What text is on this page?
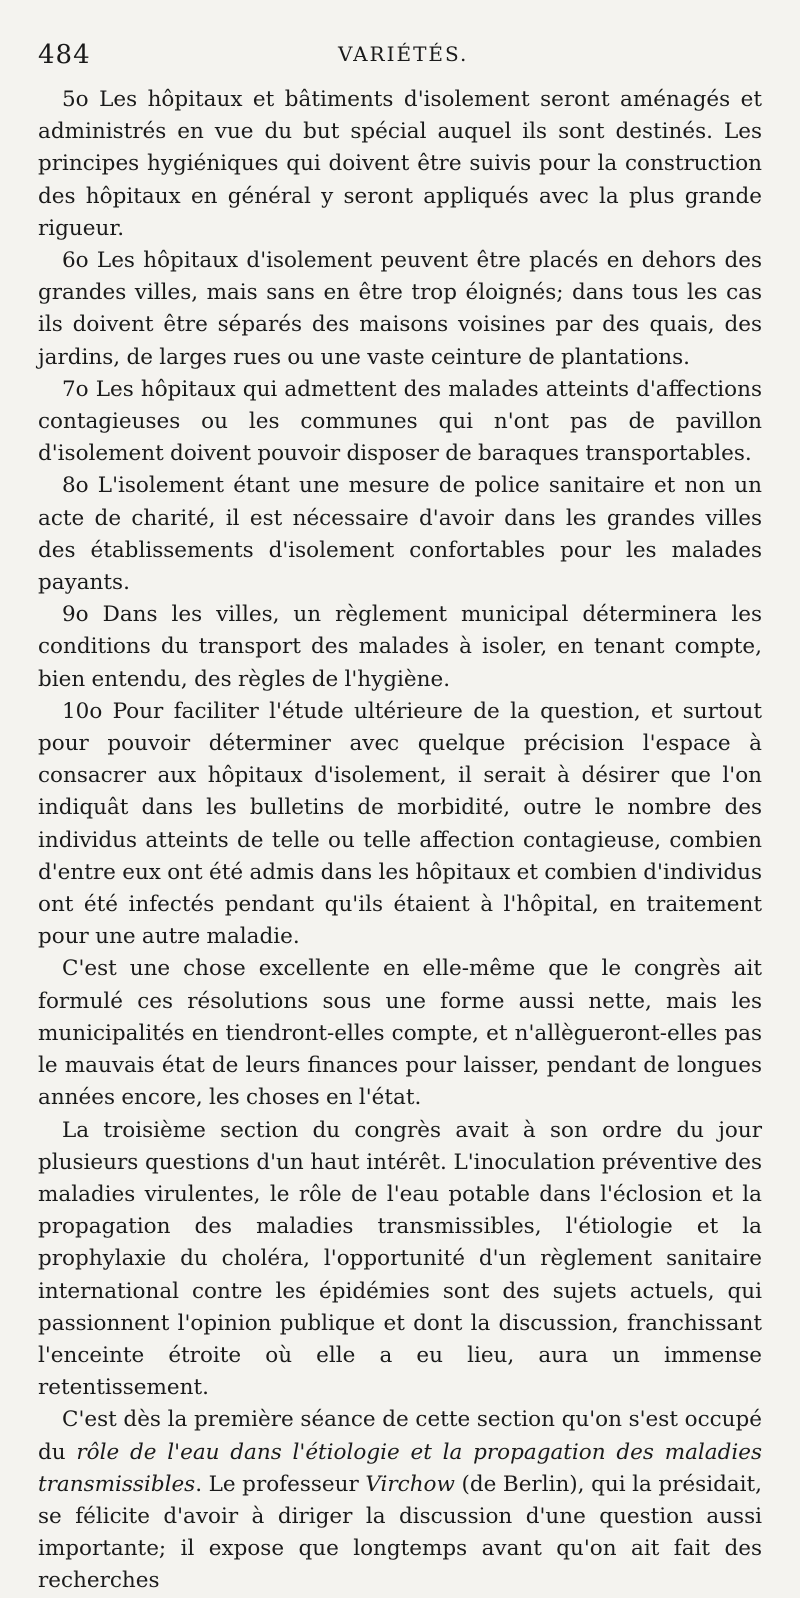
484	VARIÉTÉS.

5o Les hôpitaux et bâtiments d'isolement seront aménagés et administrés en vue du but spécial auquel ils sont destinés. Les principes hygiéniques qui doivent être suivis pour la construction des hôpitaux en général y seront appliqués avec la plus grande rigueur.

6o Les hôpitaux d'isolement peuvent être placés en dehors des grandes villes, mais sans en être trop éloignés; dans tous les cas ils doivent être séparés des maisons voisines par des quais, des jardins, de larges rues ou une vaste ceinture de plantations.

7o Les hôpitaux qui admettent des malades atteints d'affections contagieuses ou les communes qui n'ont pas de pavillon d'isolement doivent pouvoir disposer de baraques transportables.

8o L'isolement étant une mesure de police sanitaire et non un acte de charité, il est nécessaire d'avoir dans les grandes villes des établissements d'isolement confortables pour les malades payants.

9o Dans les villes, un règlement municipal déterminera les conditions du transport des malades à isoler, en tenant compte, bien entendu, des règles de l'hygiène.

10o Pour faciliter l'étude ultérieure de la question, et surtout pour pouvoir déterminer avec quelque précision l'espace à consacrer aux hôpitaux d'isolement, il serait à désirer que l'on indiquât dans les bulletins de morbidité, outre le nombre des individus atteints de telle ou telle affection contagieuse, combien d'entre eux ont été admis dans les hôpitaux et combien d'individus ont été infectés pendant qu'ils étaient à l'hôpital, en traitement pour une autre maladie.

C'est une chose excellente en elle-même que le congrès ait formulé ces résolutions sous une forme aussi nette, mais les municipalités en tiendront-elles compte, et n'allègueront-elles pas le mauvais état de leurs finances pour laisser, pendant de longues années encore, les choses en l'état.

La troisième section du congrès avait à son ordre du jour plusieurs questions d'un haut intérêt. L'inoculation préventive des maladies virulentes, le rôle de l'eau potable dans l'éclosion et la propagation des maladies transmissibles, l'étiologie et la prophylaxie du choléra, l'opportunité d'un règlement sanitaire international contre les épidémies sont des sujets actuels, qui passionnent l'opinion publique et dont la discussion, franchissant l'enceinte étroite où elle a eu lieu, aura un immense retentissement.

C'est dès la première séance de cette section qu'on s'est occupé du rôle de l'eau dans l'étiologie et la propagation des maladies transmissibles. Le professeur Virchow (de Berlin), qui la présidait, se félicite d'avoir à diriger la discussion d'une question aussi importante; il expose que longtemps avant qu'on ait fait des recherches
